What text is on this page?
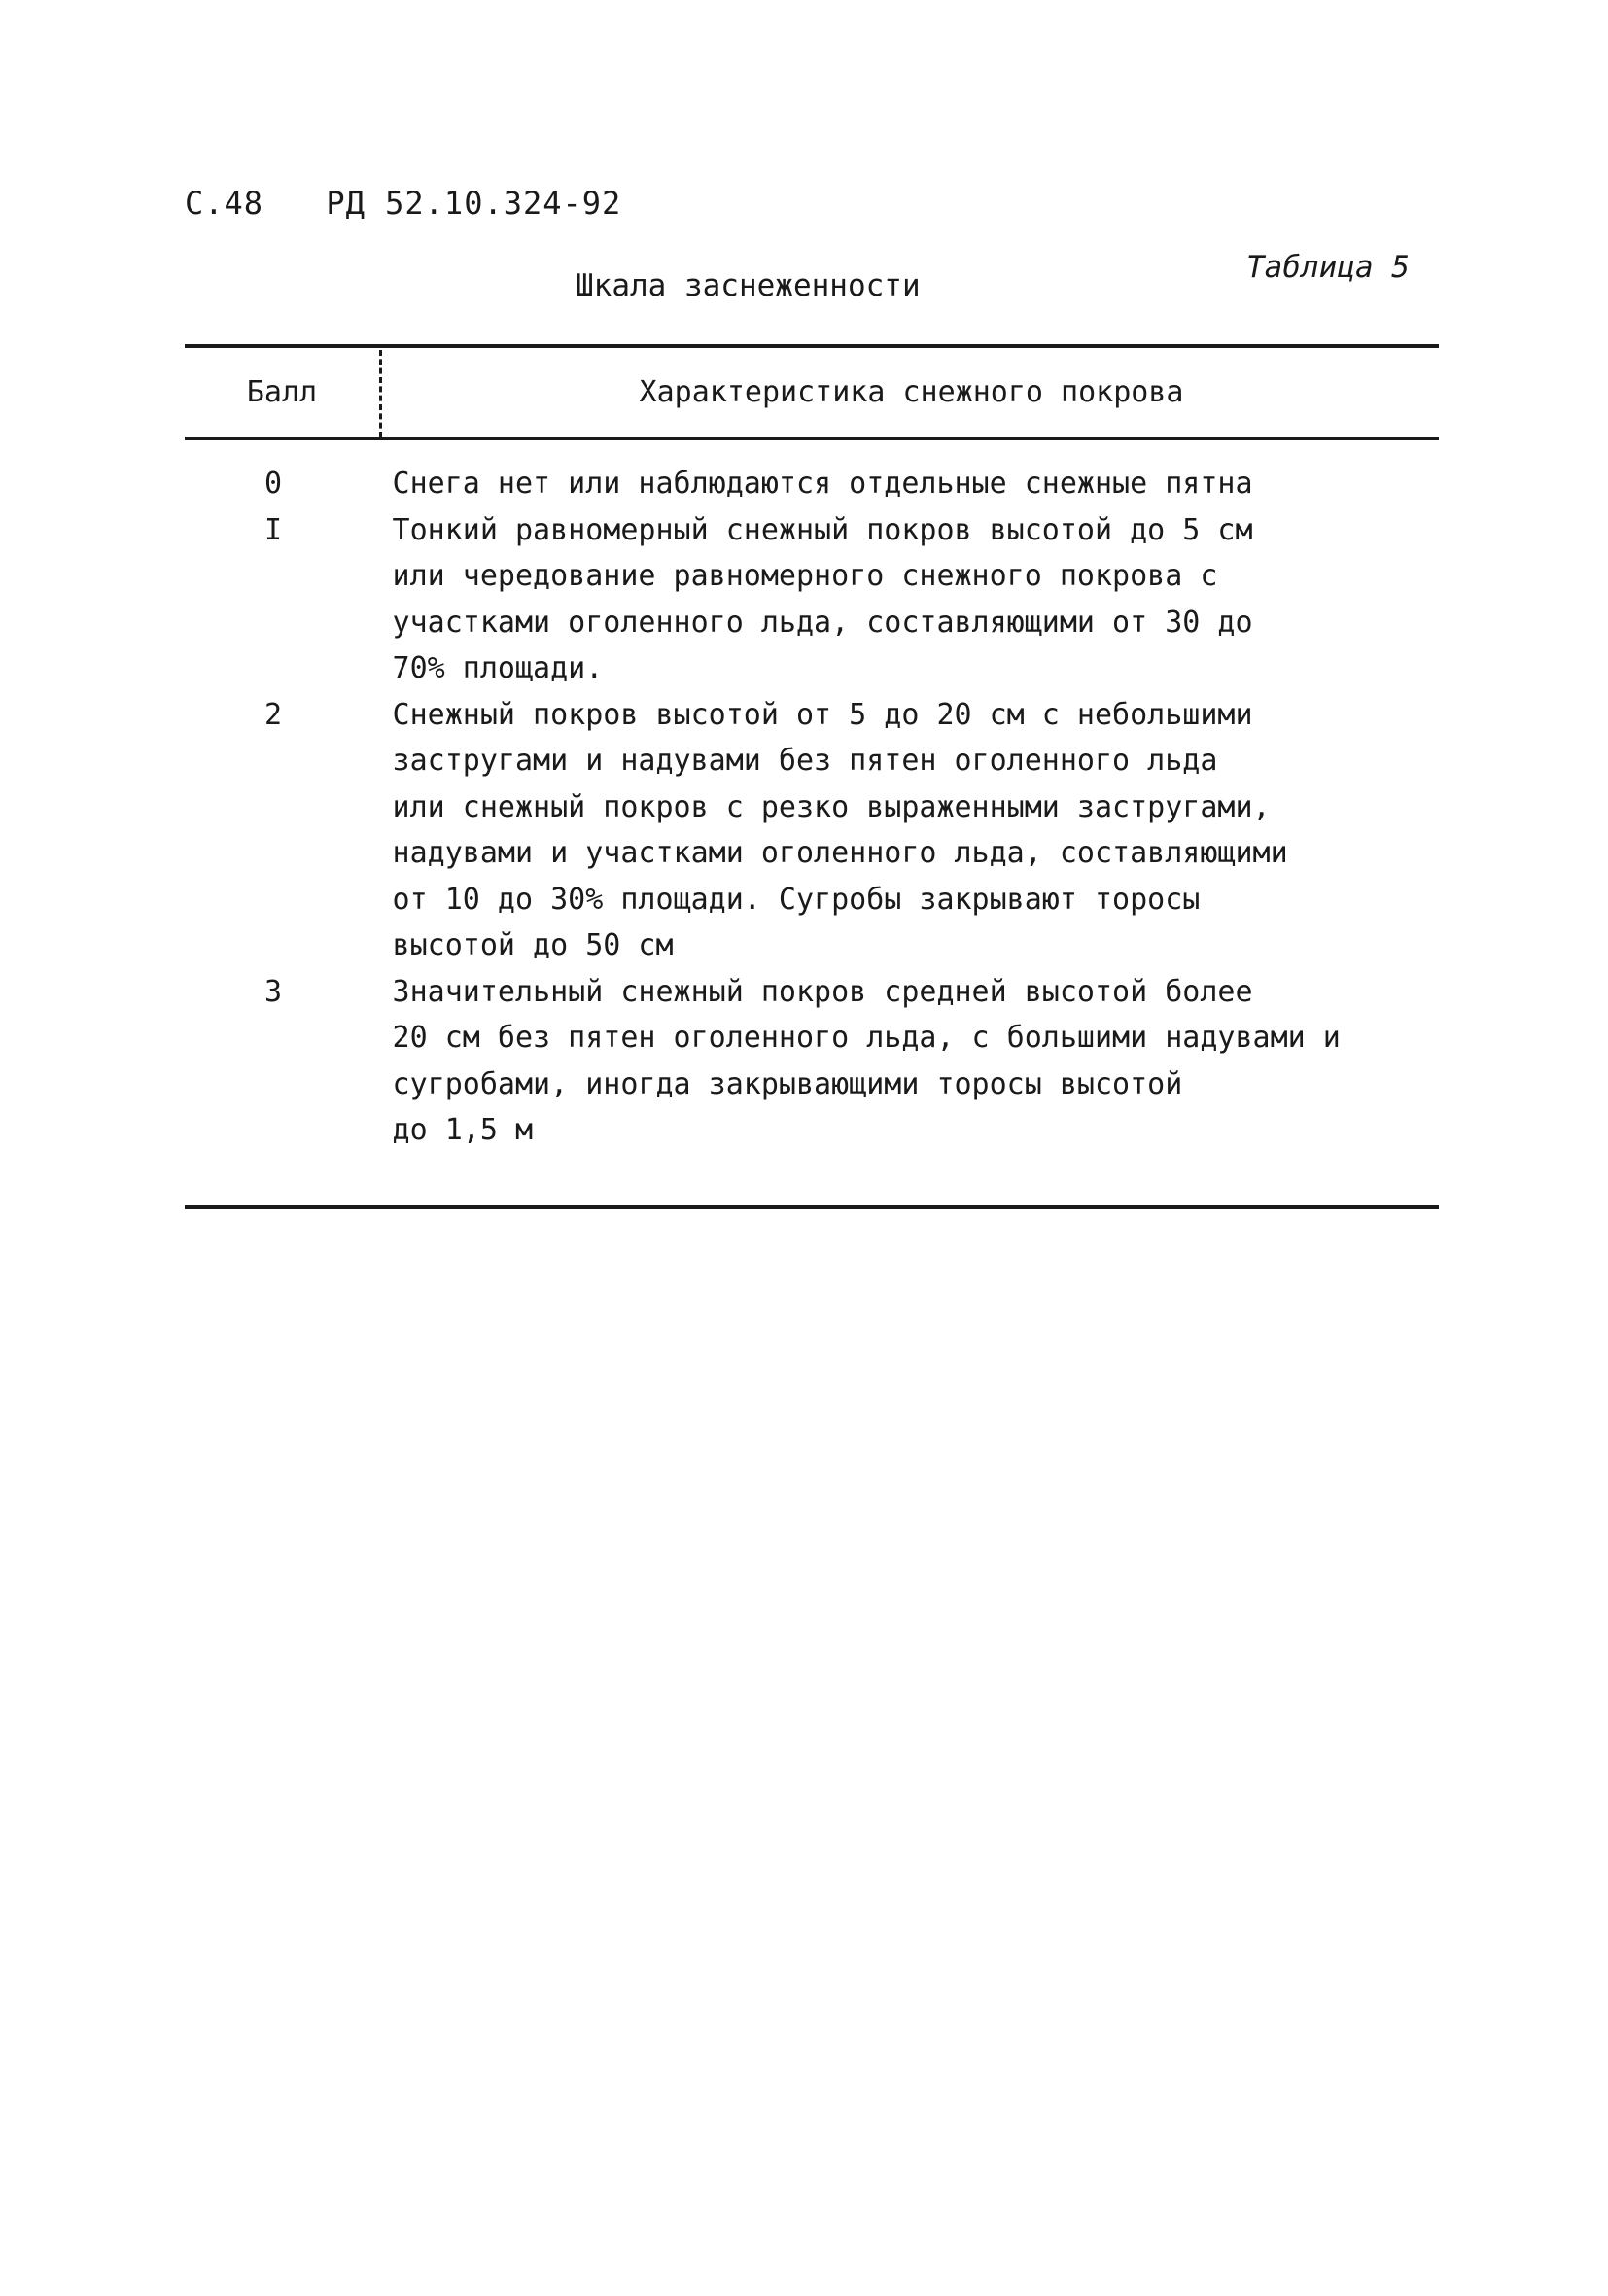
С.48 РД 52.10.324-92
Шкала заснеженности
Таблица 5
Балл	Характеристика снежного покрова
0	Снега нет или наблюдаются отдельные снежные пятна
I	Тонкий равномерный снежный покров высотой до 5 см
или чередование равномерного снежного покрова с
участками оголенного льда, составляющими от 30 до
70% площади.
2	Снежный покров высотой от 5 до 20 см с небольшими
застругами и надувами без пятен оголенного льда
или снежный покров с резко выраженными застругами,
надувами и участками оголенного льда, составляющими
от 10 до 30% площади. Сугробы закрывают торосы
высотой до 50 см
3	Значительный снежный покров средней высотой более
20 см без пятен оголенного льда, с большими надувами и сугробами, иногда закрывающими торосы высотой
до 1,5 м
